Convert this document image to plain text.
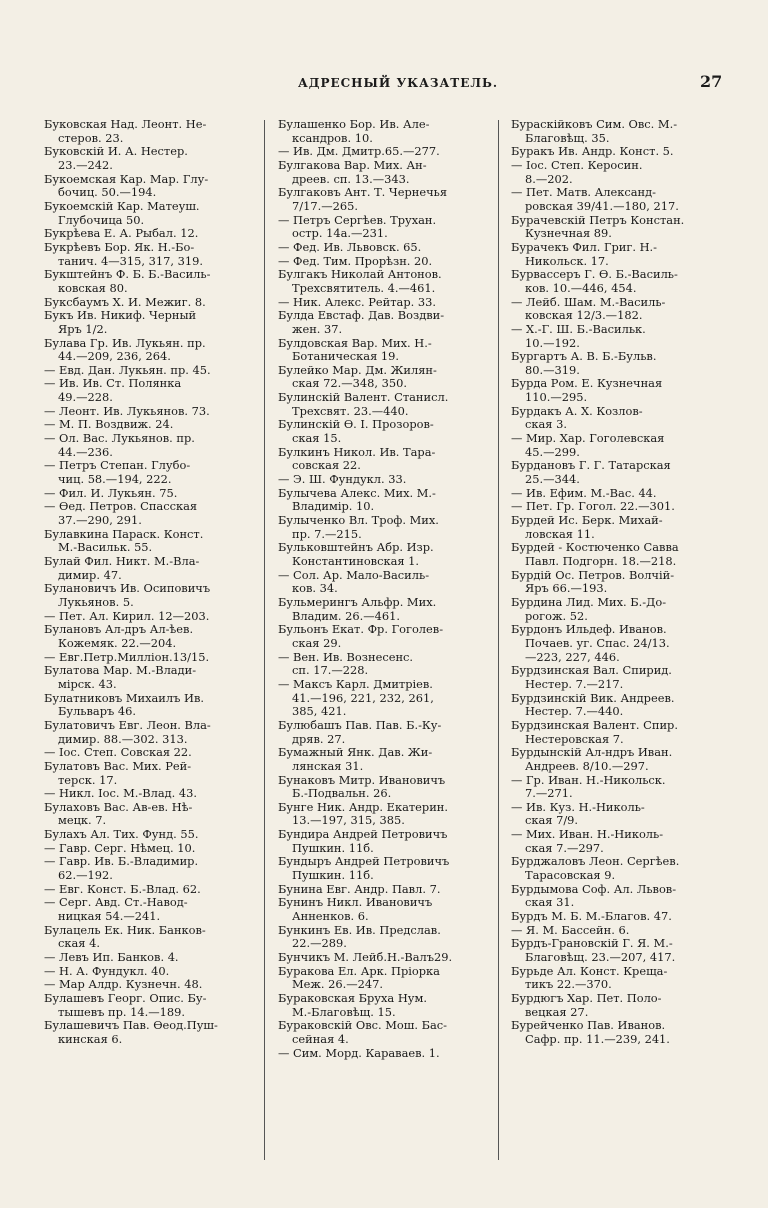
АДРЕСНЫЙ УКАЗАТЕЛЬ.	27
Буковская Над. Леонт. Не-
стеров. 23.
Буковскій И. А. Нестер.
23.—242.
Букоемская Кар. Мар. Глу-
бочиц. 50.—194.
Букоемскій Кар. Матеуш.
Глубочица 50.
Букрѣева Е. А. Рыбал. 12.
Букрѣевъ Бор. Як. Н.-Бо-
танич. 4—315, 317, 319.
Букштейнъ Ф. Б. Б.-Василь-
ковская 80.
Буксбаумъ Х. И. Межиг. 8.
Букъ Ив. Никиф. Черный
Яръ 1/2.
Булава Гр. Ив. Лукьян. пр.
44.—209, 236, 264.
— Евд. Дан. Лукьян. пр. 45.
— Ив. Ив. Ст. Полянка
49.—228.
— Леонт. Ив. Лукьянов. 73.
— М. П. Воздвиж. 24.
— Ол. Вас. Лукьянов. пр.
44.—236.
— Петръ Степан. Глубо-
чиц. 58.—194, 222.
— Фил. И. Лукьян. 75.
— Ѳед. Петров. Спасская
37.—290, 291.
Булавкина Параск. Конст.
М.-Васильк. 55.
Булай Фил. Никт. М.-Вла-
димир. 47.
Булановичъ Ив. Осиповичъ
Лукьянов. 5.
— Пет. Ал. Кирил. 12—203.
Булановъ Ал-дръ Ал-ѣев.
Кожемяк. 22.—204.
— Евг.Петр.Милліон.13/15.
Булатова Мар. М.-Влади-
мірск. 43.
Булатниковъ Михаилъ Ив.
Бульваръ 46.
Булатовичъ Евг. Леон. Вла-
димир. 88.—302. 313.
— Іос. Степ. Совская 22.
Булатовъ Вас. Мих. Рей-
терск. 17.
— Никл. Іос. М.-Влад. 43.
Булаховъ Вас. Ав-ев. Нѣ-
мецк. 7.
Булахъ Ал. Тих. Фунд. 55.
— Гавр. Серг. Нѣмец. 10.
— Гавр. Ив. Б.-Владимир.
62.—192.
— Евг. Конст. Б.-Влад. 62.
— Серг. Авд. Ст.-Навод-
ницкая 54.—241.
Булацель Ек. Ник. Банков-
ская 4.
— Левъ Ип. Банков. 4.
— Н. А. Фундукл. 40.
— Мар Алдр. Кузнечн. 48.
Булашевъ Георг. Опис. Бу-
тышевъ пр. 14.—189.
Булашевичъ Пав. Ѳеод.Пуш-
кинская 6.
Булашенко Бор. Ив. Але-
ксандров. 10.
— Ив. Дм. Дмитр.65.—277.
Булгакова Вар. Мих. Ан-
дреев. сп. 13.—343.
Булгаковъ Ант. Т. Чернечья
7/17.—265.
— Петръ Сергѣев. Трухан.
остр. 14а.—231.
— Фед. Ив. Львовск. 65.
— Фед. Тим. Прорѣзн. 20.
Булгакъ Николай Антонов.
Трехсвятитель. 4.—461.
— Ник. Алекс. Рейтар. 33.
Булда Евстаф. Дав. Воздви-
жен. 37.
Булдовская Вар. Мих. Н.-
Ботаническая 19.
Булейко Мар. Дм. Жилян-
ская 72.—348, 350.
Булинскій Валент. Станисл.
Трехсвят. 23.—440.
Булинскій Ѳ. І. Прозоров-
ская 15.
Булкинъ Никол. Ив. Тара-
совская 22.
— Э. Ш. Фундукл. 33.
Булычева Алекс. Мих. М.-
Владимір. 10.
Булыченко Вл. Троф. Мих.
пр. 7.—215.
Бульковштейнъ Абр. Изр.
Константиновская 1.
— Сол. Ар. Мало-Василь-
ков. 34.
Бульмерингъ Альфр. Мих.
Владим. 26.—461.
Бульонъ Екат. Фр. Гоголев-
ская 29.
— Вен. Ив. Вознесенс.
сп. 17.—228.
— Максъ Карл. Дмитріев.
41.—196, 221, 232, 261,
385, 421.
Булюбашъ Пав. Пав. Б.-Ку-
дряв. 27.
Бумажный Янк. Дав. Жи-
лянская 31.
Бунаковъ Митр. Ивановичъ
Б.-Подвальн. 26.
Бунге Ник. Андр. Екатерин.
13.—197, 315, 385.
Бундира Андрей Петровичъ
Пушкин. 11б.
Бундыръ Андрей Петровичъ
Пушкин. 11б.
Бунина Евг. Андр. Павл. 7.
Бунинъ Никл. Ивановичъ
Анненков. 6.
Бункинъ Ев. Ив. Предслав.
22.—289.
Бунчикъ М. Лейб.Н.-Валъ29.
Буракова Ел. Арк. Пріорка
Меж. 26.—247.
Бураковская Бруха Нум.
М.-Благовѣщ. 15.
Бураковскій Овс. Мош. Бас-
сейная 4.
— Сим. Морд. Караваев. 1.
Бураскійковъ Сим. Овс. М.-
Благовѣщ. 35.
Буракъ Ив. Андр. Конст. 5.
— Іос. Степ. Керосин.
8.—202.
— Пет. Матв. Александ-
ровская 39/41.—180, 217.
Бурачевскій Петръ Констан.
Кузнечная 89.
Бурачекъ Фил. Григ. Н.-
Никольск. 17.
Бурвассеръ Г. Ѳ. Б.-Василь-
ков. 10.—446, 454.
— Лейб. Шам. М.-Василь-
ковская 12/3.—182.
— Х.-Г. Ш. Б.-Васильк.
10.—192.
Бургартъ А. В. Б.-Бульв.
80.—319.
Бурда Ром. Е. Кузнечная
110.—295.
Бурдакъ А. Х. Козлов-
ская 3.
— Мир. Хар. Гоголевская
45.—299.
Бурдановъ Г. Г. Татарская
25.—344.
— Ив. Ефим. М.-Вас. 44.
— Пет. Гр. Гогол. 22.—301.
Бурдей Ис. Берк. Михай-
ловская 11.
Бурдей - Костюченко Савва
Павл. Подгорн. 18.—218.
Бурдій Ос. Петров. Волчій-
Яръ 66.—193.
Бурдина Лид. Мих. Б.-До-
рогож. 52.
Бурдонъ Ильдеф. Иванов.
Почаев. уг. Спас. 24/13.
—223, 227, 446.
Бурдзинская Вал. Спирид.
Нестер. 7.—217.
Бурдзинскій Вик. Андреев.
Нестер. 7.—440.
Бурдзинская Валент. Спир.
Нестеровская 7.
Бурдынскій Ал-ндръ Иван.
Андреев. 8/10.—297.
— Гр. Иван. Н.-Никольск.
7.—271.
— Ив. Куз. Н.-Николь-
ская 7/9.
— Мих. Иван. Н.-Николь-
ская 7.—297.
Бурджаловъ Леон. Сергѣев.
Тарасовская 9.
Бурдымова Соф. Ал. Львов-
ская 31.
Бурдъ М. Б. М.-Благов. 47.
— Я. М. Бассейн. 6.
Бурдъ-Грановскій Г. Я. М.-
Благовѣщ. 23.—207, 417.
Бурьде Ал. Конст. Креща-
тикъ 22.—370.
Бурдюгъ Хар. Пет. Поло-
вецкая 27.
Бурейченко Пав. Иванов.
Сафр. пр. 11.—239, 241.
